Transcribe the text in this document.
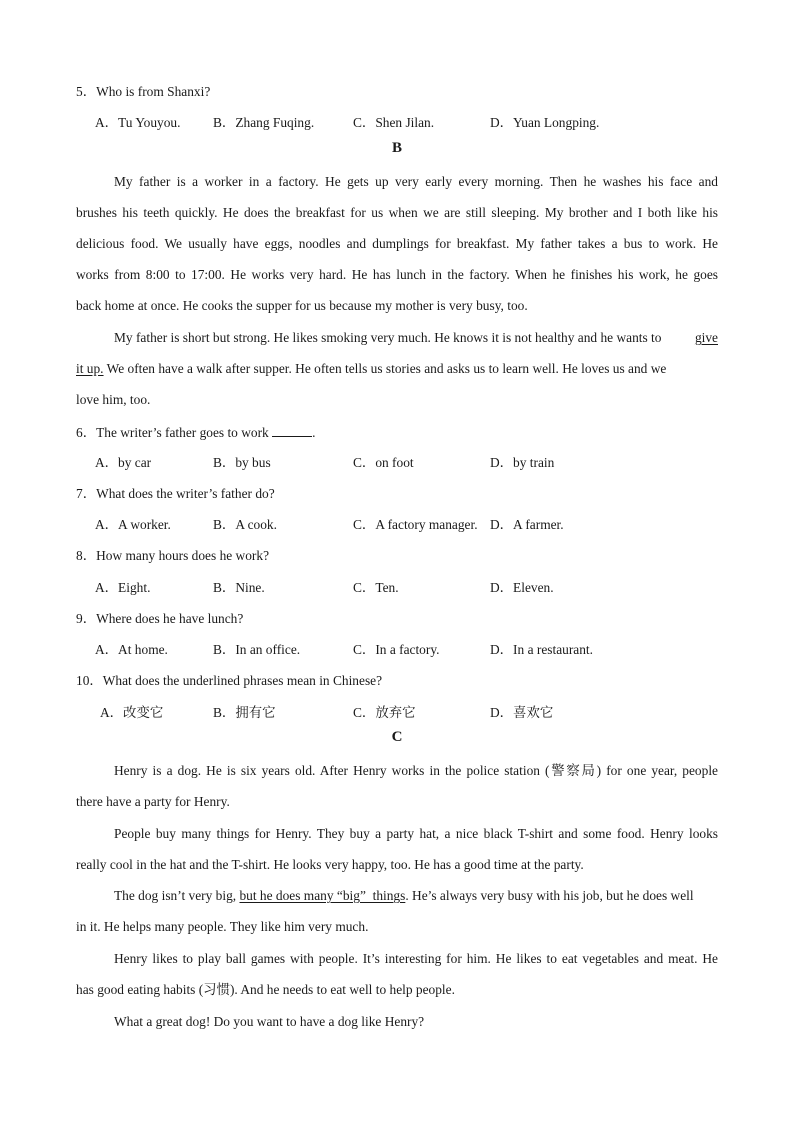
5．Who is from Shanxi?
A．Tu Youyou. B．Zhang Fuqing.	C．Shen Jilan.	D．Yuan Longping.
B
My father is a worker in a factory. He gets up very early every morning. Then he washes his face and
brushes his teeth quickly. He does the breakfast for us when we are still sleeping. My brother and I both like his
delicious food. We usually have eggs, noodles and dumplings for breakfast. My father takes a bus to work. He
works from 8:00 to 17:00. He works very hard. He has lunch in the factory. When he finishes his work, he goes
back home at once. He cooks the supper for us because my mother is very busy, too.
My father is short but strong. He likes smoking very much. He knows it is not healthy and he wants to give
it up. We often have a walk after supper. He often tells us stories and asks us to learn well. He loves us and we
love him, too.
6．The writer’s father goes to work	.
A．by car	B．by bus	C．on foot	D．by train
7．What does the writer’s father do?
A．A worker.	B．A cook.	C．A factory manager. D．A farmer.
8．How many hours does he work?
A．Eight.	B．Nine.	C．Ten.	D．Eleven.
9．Where does he have lunch?
A．At home.	B．In an office.	C．In a factory.	D．In a restaurant.
10．What does the underlined phrases mean in Chinese?
A．改变它	B．拥有它	C．放弃它	D．喜欢它
C
Henry is a dog. He is six years old. After Henry works in the police station (警察局) for one year, people
there have a party for Henry.
People buy many things for Henry. They buy a party hat, a nice black T-shirt and some food. Henry looks
really cool in the hat and the T-shirt. He looks very happy, too. He has a good time at the party.
The dog isn’t very big, but he does many “big”  things . He’s always very busy with his job, but he does well
in it. He helps many people. They like him very much.
Henry likes to play ball games with people. It’s interesting for him. He likes to eat vegetables and meat. He
has good eating habits (习惯). And he needs to eat well to help people.
What a great dog! Do you want to have a dog like Henry?
